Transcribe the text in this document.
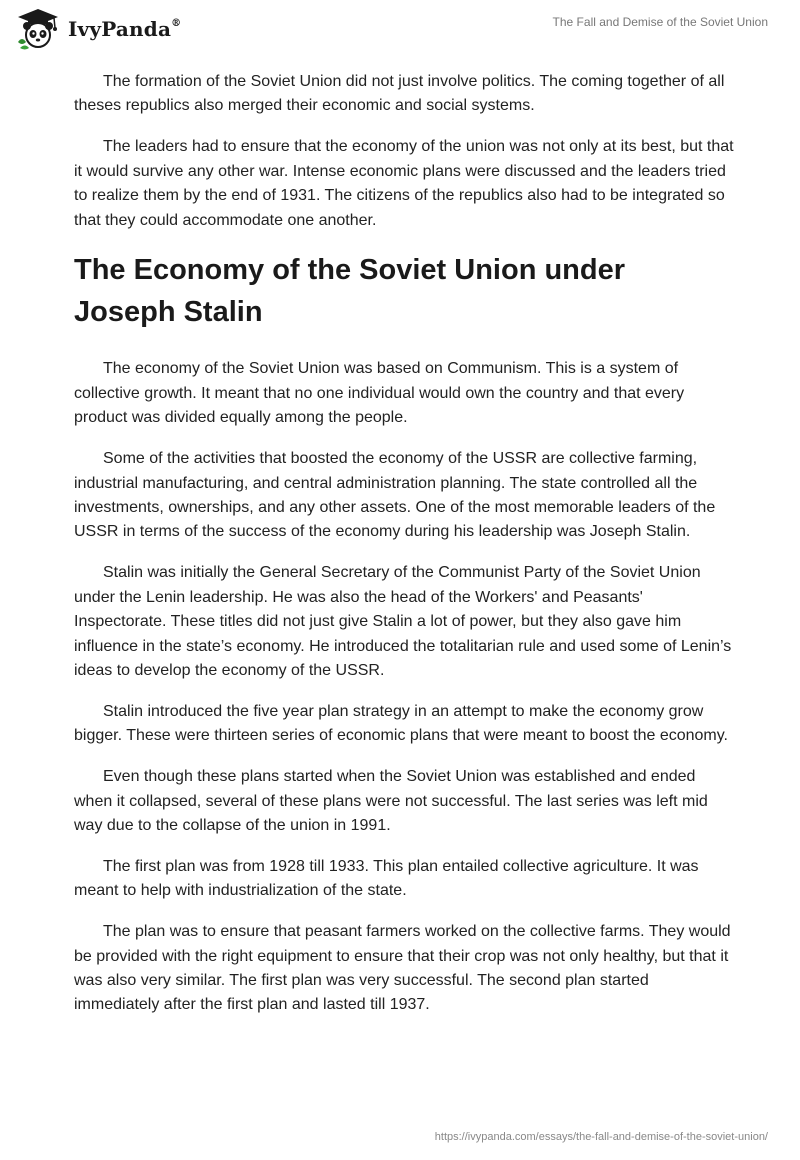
IvyPanda®	The Fall and Demise of the Soviet Union

The formation of the Soviet Union did not just involve politics. The coming together of all theses republics also merged their economic and social systems.

The leaders had to ensure that the economy of the union was not only at its best, but that it would survive any other war. Intense economic plans were discussed and the leaders tried to realize them by the end of 1931. The citizens of the republics also had to be integrated so that they could accommodate one another.

The Economy of the Soviet Union under Joseph Stalin

The economy of the Soviet Union was based on Communism. This is a system of collective growth. It meant that no one individual would own the country and that every product was divided equally among the people.

Some of the activities that boosted the economy of the USSR are collective farming, industrial manufacturing, and central administration planning. The state controlled all the investments, ownerships, and any other assets. One of the most memorable leaders of the USSR in terms of the success of the economy during his leadership was Joseph Stalin.

Stalin was initially the General Secretary of the Communist Party of the Soviet Union under the Lenin leadership. He was also the head of the Workers' and Peasants' Inspectorate. These titles did not just give Stalin a lot of power, but they also gave him influence in the state’s economy. He introduced the totalitarian rule and used some of Lenin’s ideas to develop the economy of the USSR.

Stalin introduced the five year plan strategy in an attempt to make the economy grow bigger. These were thirteen series of economic plans that were meant to boost the economy.

Even though these plans started when the Soviet Union was established and ended when it collapsed, several of these plans were not successful. The last series was left mid way due to the collapse of the union in 1991.

The first plan was from 1928 till 1933. This plan entailed collective agriculture. It was meant to help with industrialization of the state.

The plan was to ensure that peasant farmers worked on the collective farms. They would be provided with the right equipment to ensure that their crop was not only healthy, but that it was also very similar. The first plan was very successful. The second plan started immediately after the first plan and lasted till 1937.

https://ivypanda.com/essays/the-fall-and-demise-of-the-soviet-union/
